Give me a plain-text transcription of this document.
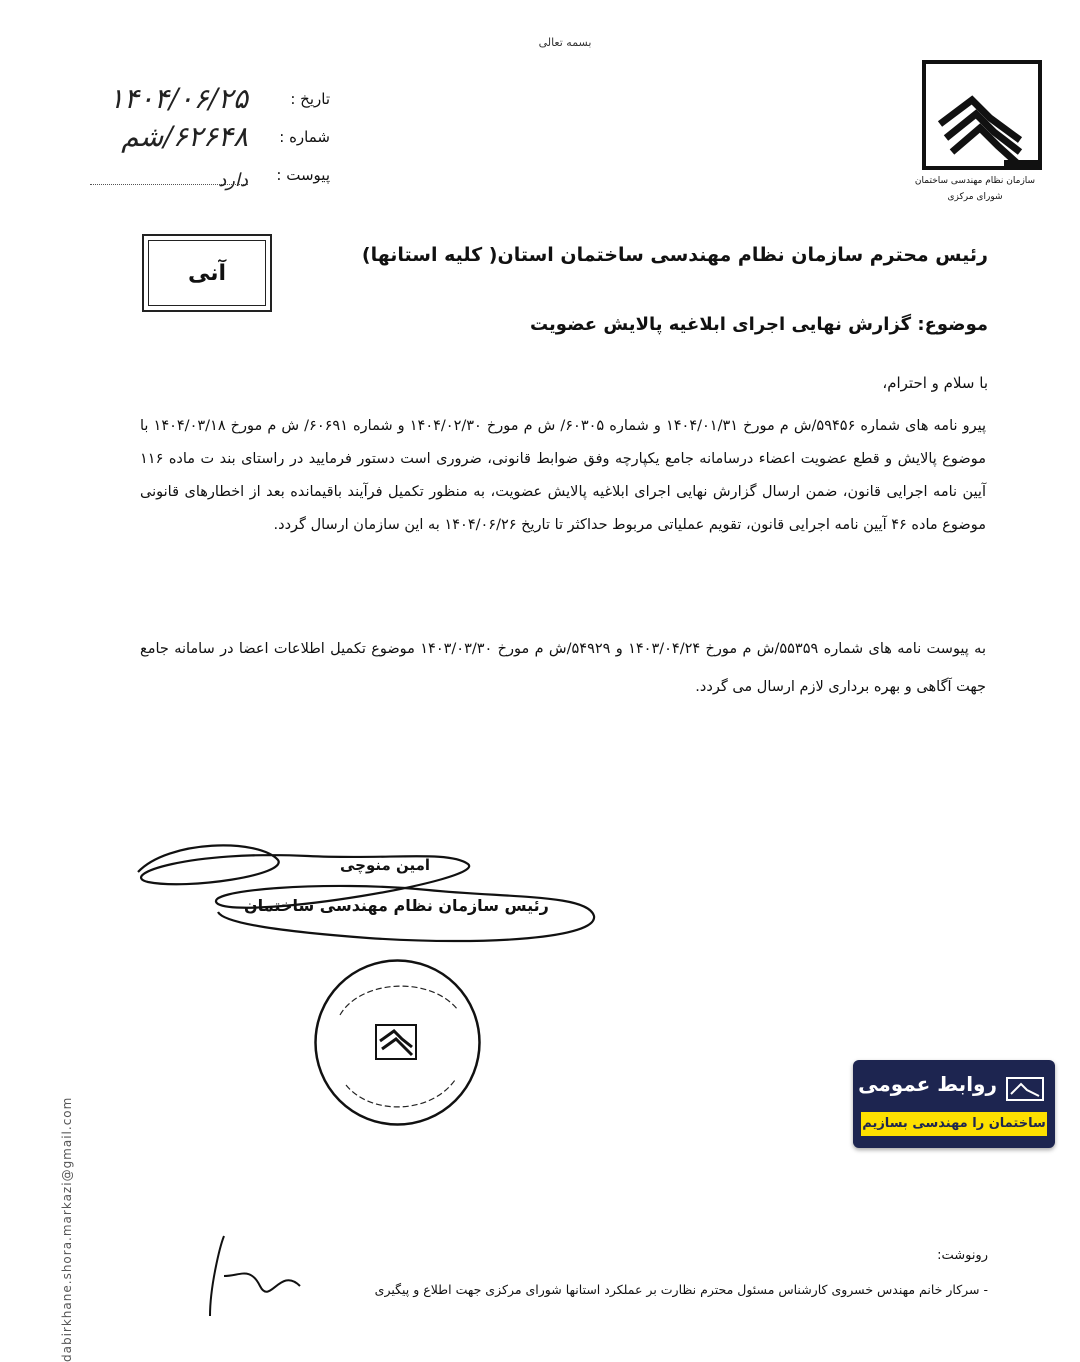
بسمه تعالی
تاریخ :
۱۴۰۴/۰۶/۲۵
شماره :
۶۲۶۴۸/شم
پیوست :
دارد	سازمان نظام مهندسی ساختمان
شورای مرکزی
آنی
رئیس محترم سازمان نظام مهندسی ساختمان استان( کلیه استانها)
موضوع: گزارش نهایی اجرای ابلاغیه پالایش عضویت
با سلام و احترام،
پیرو نامه های شماره ۵۹۴۵۶/ش م مورخ ۱۴۰۴/۰۱/۳۱ و شماره ۶۰۳۰۵/ ش م مورخ ۱۴۰۴/۰۲/۳۰ و شماره ۶۰۶۹۱/ ش م مورخ ۱۴۰۴/۰۳/۱۸ با موضوع پالایش و قطع عضویت اعضاء درسامانه جامع یکپارچه وفق ضوابط قانونی، ضروری است دستور فرمایید در راستای بند ت ماده ۱۱۶ آیین نامه اجرایی قانون، ضمن ارسال گزارش نهایی اجرای ابلاغیه پالایش عضویت، به منظور تکمیل فرآیند باقیمانده بعد از اخطارهای قانونی موضوع ماده ۴۶ آیین نامه اجرایی قانون، تقویم عملیاتی مربوط حداکثر تا تاریخ ۱۴۰۴/۰۶/۲۶ به این سازمان ارسال گردد.
به پیوست نامه های شماره ۵۵۳۵۹/ش م مورخ ۱۴۰۳/۰۴/۲۴ و ۵۴۹۲۹/ش م مورخ ۱۴۰۳/۰۳/۳۰ موضوع تکمیل اطلاعات اعضا در سامانه جامع جهت آگاهی و بهره برداری لازم ارسال می گردد.
امین منوچی
رئیس سازمان نظام مهندسی ساختمان
dabirkhane.shora.markazi@gmail.com
روابط عمومی
ساختمان را مهندسی بسازیم
رونوشت:
- سرکار خانم مهندس خسروی کارشناس مسئول محترم نظارت بر عملکرد استانها شورای مرکزی جهت اطلاع و پیگیری
